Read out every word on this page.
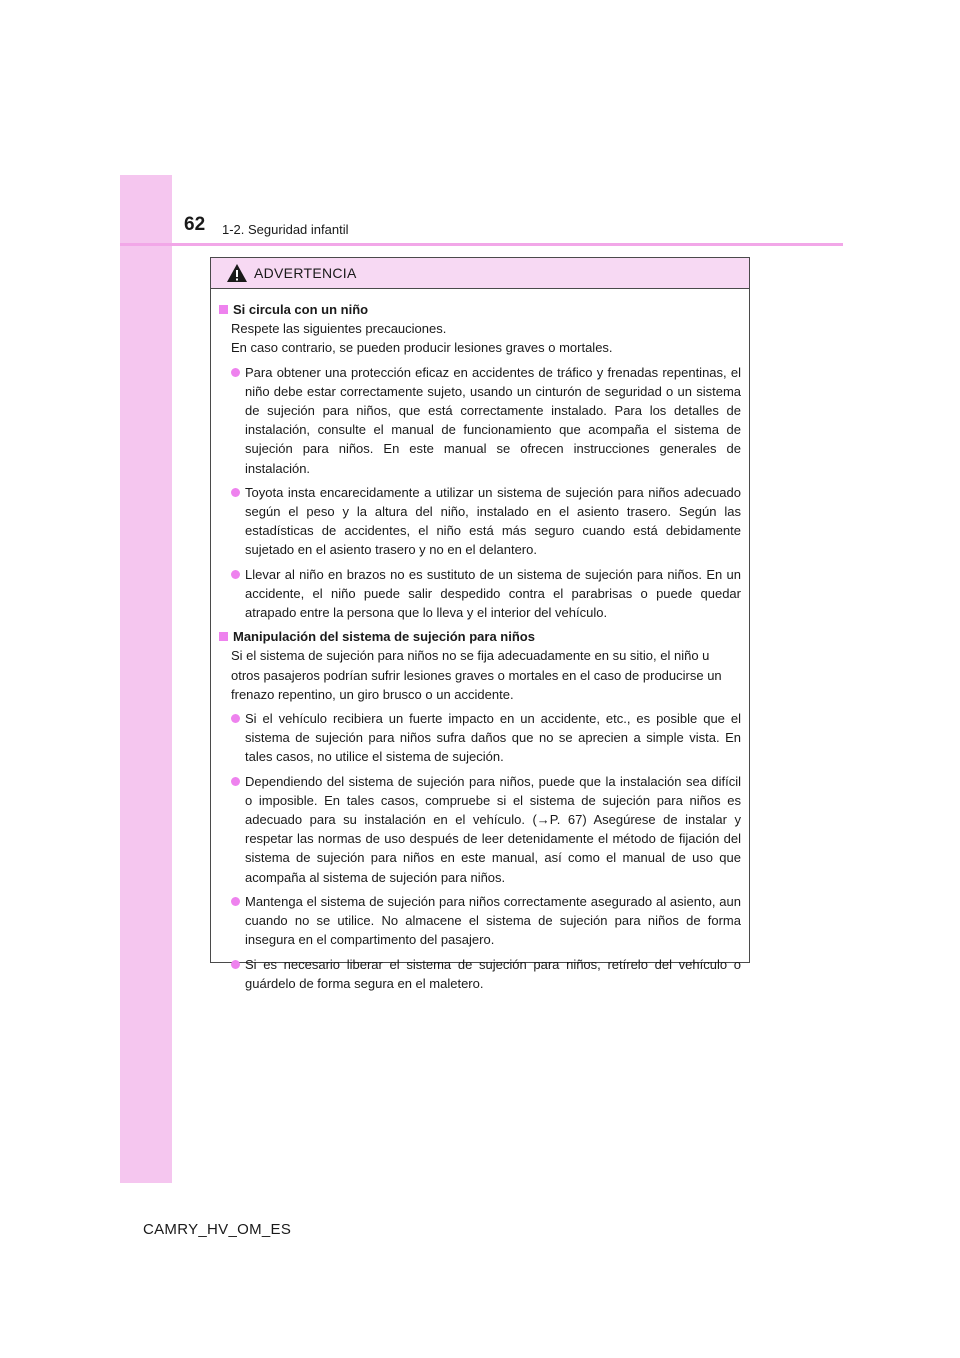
62 1-2. Seguridad infantil
ADVERTENCIA
Si circula con un niño
Respete las siguientes precauciones.
En caso contrario, se pueden producir lesiones graves o mortales.
Para obtener una protección eficaz en accidentes de tráfico y frenadas repentinas, el niño debe estar correctamente sujeto, usando un cinturón de seguridad o un sistema de sujeción para niños, que está correctamente instalado. Para los detalles de instalación, consulte el manual de funcionamiento que acompaña el sistema de sujeción para niños. En este manual se ofrecen instrucciones generales de instalación.
Toyota insta encarecidamente a utilizar un sistema de sujeción para niños adecuado según el peso y la altura del niño, instalado en el asiento trasero. Según las estadísticas de accidentes, el niño está más seguro cuando está debidamente sujetado en el asiento trasero y no en el delantero.
Llevar al niño en brazos no es sustituto de un sistema de sujeción para niños. En un accidente, el niño puede salir despedido contra el parabrisas o puede quedar atrapado entre la persona que lo lleva y el interior del vehículo.
Manipulación del sistema de sujeción para niños
Si el sistema de sujeción para niños no se fija adecuadamente en su sitio, el niño u otros pasajeros podrían sufrir lesiones graves o mortales en el caso de producirse un frenazo repentino, un giro brusco o un accidente.
Si el vehículo recibiera un fuerte impacto en un accidente, etc., es posible que el sistema de sujeción para niños sufra daños que no se aprecien a simple vista. En tales casos, no utilice el sistema de sujeción.
Dependiendo del sistema de sujeción para niños, puede que la instalación sea difícil o imposible. En tales casos, compruebe si el sistema de sujeción para niños es adecuado para su instalación en el vehículo. (→P. 67) Asegúrese de instalar y respetar las normas de uso después de leer detenidamente el método de fijación del sistema de sujeción para niños en este manual, así como el manual de uso que acompaña al sistema de sujeción para niños.
Mantenga el sistema de sujeción para niños correctamente asegurado al asiento, aun cuando no se utilice. No almacene el sistema de sujeción para niños de forma insegura en el compartimento del pasajero.
Si es necesario liberar el sistema de sujeción para niños, retírelo del vehículo o guárdelo de forma segura en el maletero.
CAMRY_HV_OM_ES
